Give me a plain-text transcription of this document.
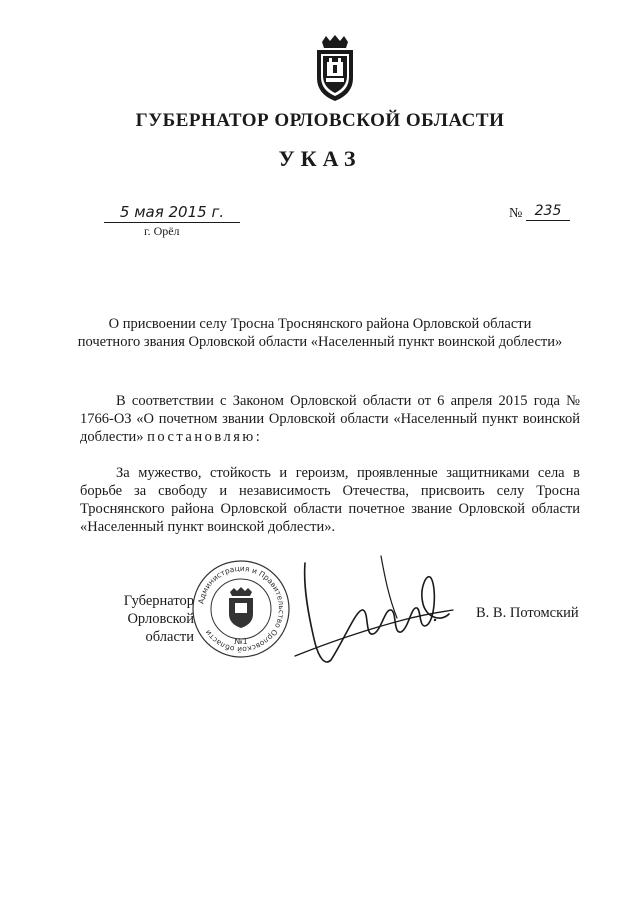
ГУБЕРНАТОР ОРЛОВСКОЙ ОБЛАСТИ
УКАЗ
5 мая 2015 г.
г. Орёл
№ 235
О присвоении селу Тросна Троснянского района Орловской области
почетного звания Орловской области «Населенный пункт воинской доблести»
В соответствии с Законом Орловской области от 6 апреля 2015 года № 1766-ОЗ «О почетном звании Орловской области «Населенный пункт воинской доблести» постановляю:
За мужество, стойкость и героизм, проявленные защитниками села в борьбе за свободу и независимость Отечества, присвоить селу Тросна Троснянского района Орловской области почетное звание Орловской области «Населенный пункт воинской доблести».
Губернатор
Орловской области
Администрация и Правительство Орловской области
№1
В. В. Потомский
